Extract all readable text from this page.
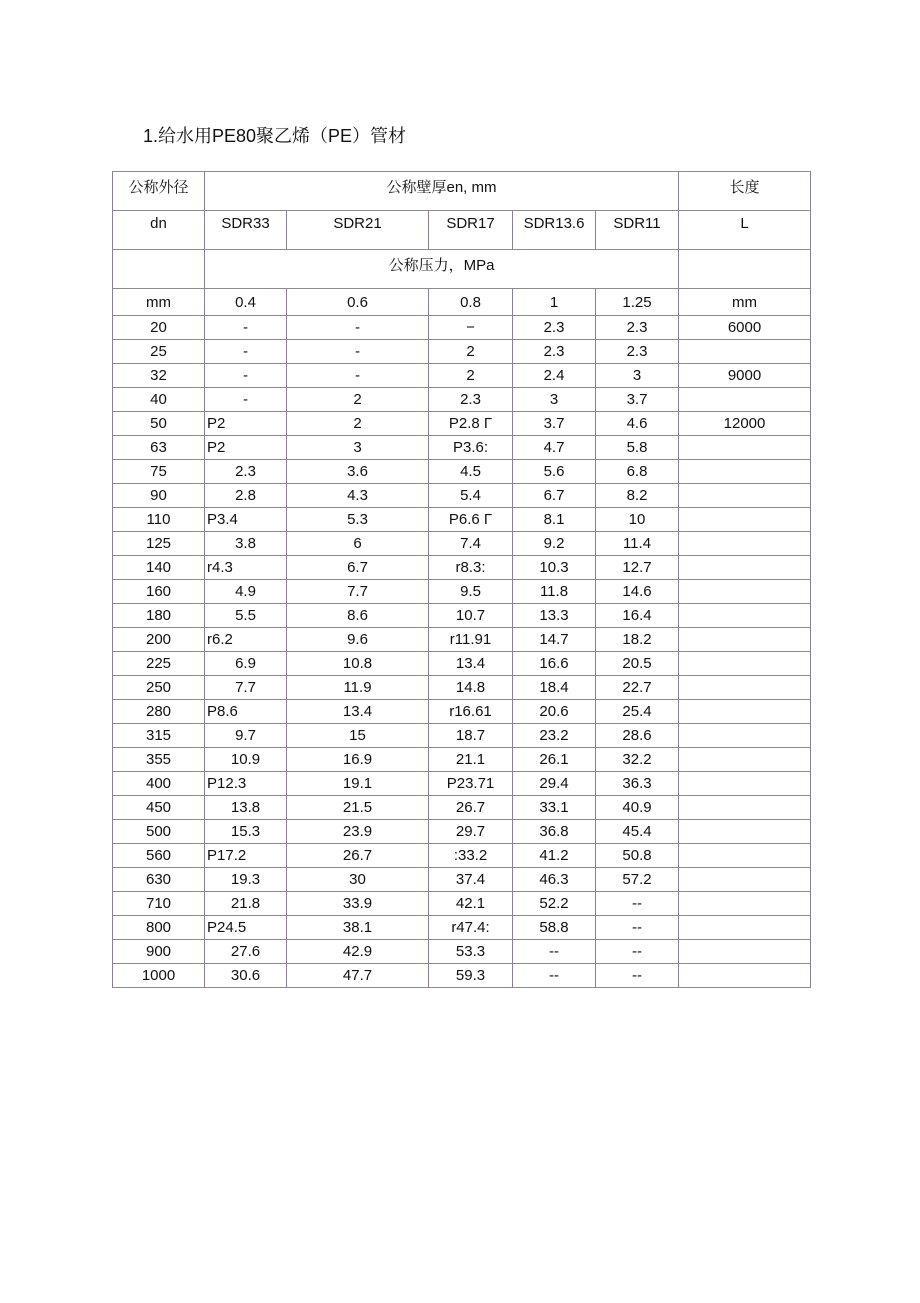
1.给水用PE80聚乙烯（PE）管材
公称外径	公称壁厚en, mm					长度
dn	SDR33	SDR21	SDR17	SDR13.6	SDR11	L
	公称压力，MPa					
mm	0.4	0.6	0.8	1	1.25	mm
20	-	-	−	2.3	2.3	6000
25	-	-	2	2.3	2.3	
32	-	-	2	2.4	3	9000
40	-	2	2.3	3	3.7	
50	P2	2	P2.8 Γ	3.7	4.6	12000
63	P2	3	P3.6:	4.7	5.8	
75	2.3	3.6	4.5	5.6	6.8	
90	2.8	4.3	5.4	6.7	8.2	
110	P3.4	5.3	P6.6 Γ	8.1	10	
125	3.8	6	7.4	9.2	11.4	
140	r4.3	6.7	r8.3:	10.3	12.7	
160	4.9	7.7	9.5	11.8	14.6	
180	5.5	8.6	10.7	13.3	16.4	
200	r6.2	9.6	r11.91	14.7	18.2	
225	6.9	10.8	13.4	16.6	20.5	
250	7.7	11.9	14.8	18.4	22.7	
280	P8.6	13.4	r16.61	20.6	25.4	
315	9.7	15	18.7	23.2	28.6	
355	10.9	16.9	21.1	26.1	32.2	
400	P12.3	19.1	P23.71	29.4	36.3	
450	13.8	21.5	26.7	33.1	40.9	
500	15.3	23.9	29.7	36.8	45.4	
560	P17.2	26.7	:33.2	41.2	50.8	
630	19.3	30	37.4	46.3	57.2	
710	21.8	33.9	42.1	52.2	--	
800	P24.5	38.1	r47.4:	58.8	--	
900	27.6	42.9	53.3	--	--	
1000	30.6	47.7	59.3	--	--	
